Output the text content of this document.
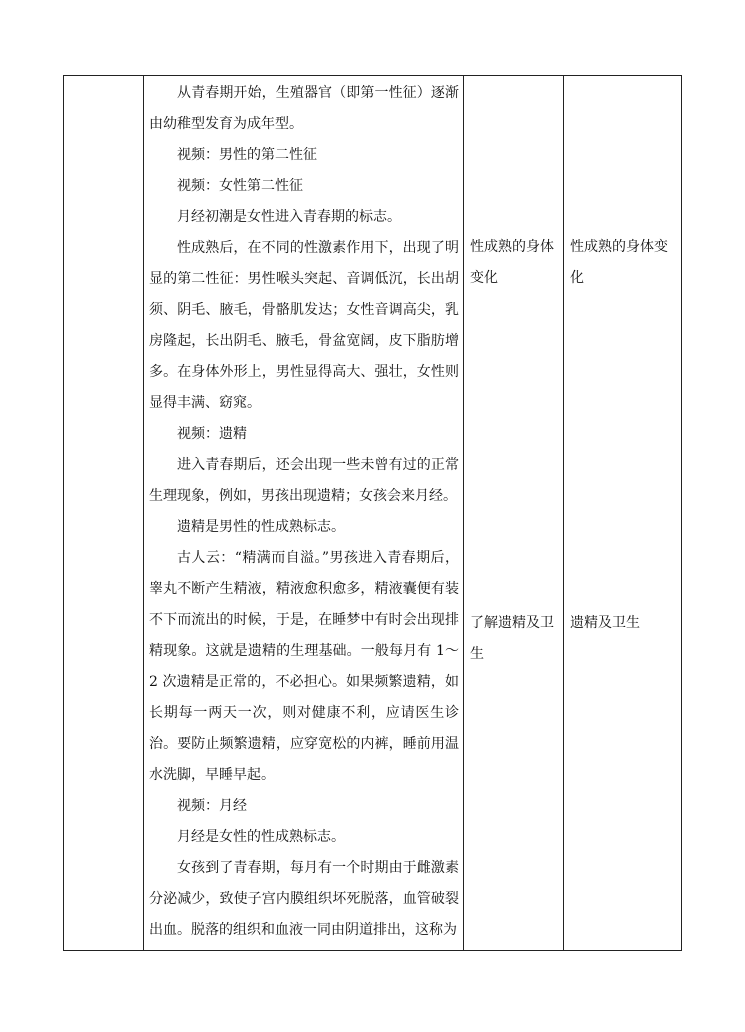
从青春期开始，生殖器官（即第一性征）逐渐由幼稚型发育为成年型。

视频：男性的第二性征

视频：女性第二性征

月经初潮是女性进入青春期的标志。

性成熟后，在不同的性激素作用下，出现了明显的第二性征：男性喉头突起、音调低沉，长出胡须、阴毛、腋毛，骨骼肌发达；女性音调高尖，乳房隆起，长出阴毛、腋毛，骨盆宽阔，皮下脂肪增多。在身体外形上，男性显得高大、强壮，女性则显得丰满、窈窕。

视频：遗精

进入青春期后，还会出现一些未曾有过的正常生理现象，例如，男孩出现遗精；女孩会来月经。

遗精是男性的性成熟标志。

古人云：“精满而自溢。”男孩进入青春期后，睾丸不断产生精液，精液愈积愈多，精液囊便有装不下而流出的时候，于是，在睡梦中有时会出现排精现象。这就是遗精的生理基础。一般每月有 1～2 次遗精是正常的，不必担心。如果频繁遗精，如长期每一两天一次，则对健康不利，应请医生诊治。要防止频繁遗精，应穿宽松的内裤，睡前用温水洗脚，早睡早起。

视频：月经

月经是女性的性成熟标志。

女孩到了青春期，每月有一个时期由于雌激素分泌减少，致使子宫内膜组织坏死脱落，血管破裂出血。脱落的组织和血液一同由阴道排出，这称为

性成熟的身体变化
了解遗精及卫生
性成熟的身体变化
遗精及卫生
